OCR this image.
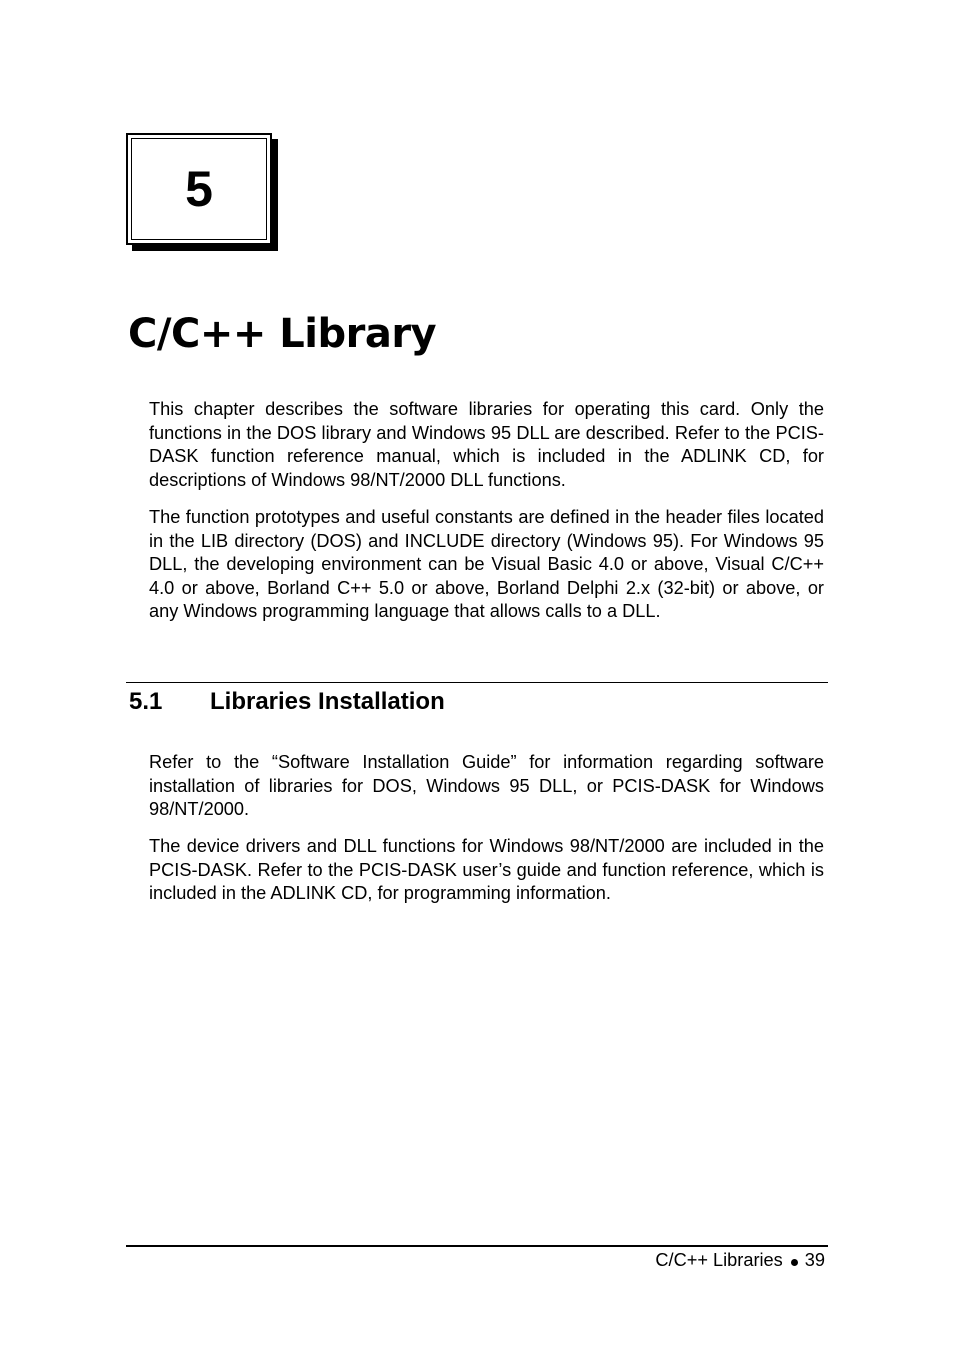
5
C/C++ Library

This chapter describes the software libraries for operating this card. Only the functions in the DOS library and Windows 95 DLL are described. Refer to the PCIS-DASK function reference manual, which is included in the ADLINK CD, for descriptions of Windows 98/NT/2000 DLL functions.

The function prototypes and useful constants are defined in the header files located in the LIB directory (DOS) and INCLUDE directory (Windows 95). For Windows 95 DLL, the developing environment can be Visual Basic 4.0 or above, Visual C/C++ 4.0 or above, Borland C++ 5.0 or above, Borland Delphi 2.x (32-bit) or above, or any Windows programming language that allows calls to a DLL.

5.1	Libraries Installation

Refer to the “Software Installation Guide” for information regarding software installation of libraries for DOS, Windows 95 DLL, or PCIS-DASK for Windows 98/NT/2000.

The device drivers and DLL functions for Windows 98/NT/2000 are included in the PCIS-DASK. Refer to the PCIS-DASK user’s guide and function reference, which is included in the ADLINK CD, for programming information.

C/C++ Libraries 39
